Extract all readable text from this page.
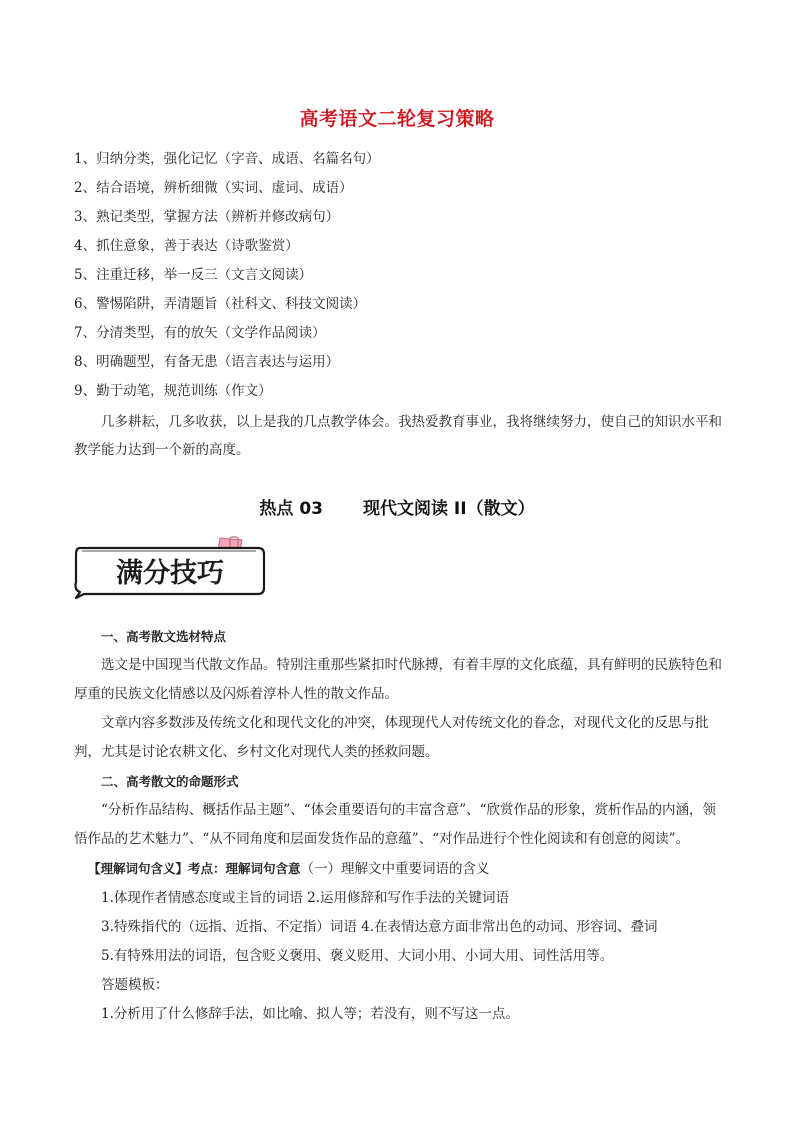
高考语文二轮复习策略
1、归纳分类，强化记忆（字音、成语、名篇名句）
2、结合语境，辨析细微（实词、虚词、成语）
3、熟记类型，掌握方法（辨析并修改病句）
4、抓住意象，善于表达（诗歌鉴赏）
5、注重迁移，举一反三（文言文阅读）
6、警惕陷阱，弄清题旨（社科文、科技文阅读）
7、分清类型，有的放矢（文学作品阅读）
8、明确题型，有备无患（语言表达与运用）
9、勤于动笔，规范训练（作文）
几多耕耘，几多收获，以上是我的几点教学体会。我热爱教育事业，我将继续努力，使自己的知识水平和教学能力达到一个新的高度。
热点 03 现代文阅读 II（散文）
满分技巧

一、高考散文选材特点

选文是中国现当代散文作品。特别注重那些紧扣时代脉搏，有着丰厚的文化底蕴，具有鲜明的民族特色和厚重的民族文化情感以及闪烁着淳朴人性的散文作品。

文章内容多数涉及传统文化和现代文化的冲突，体现现代人对传统文化的眷念，对现代文化的反思与批判，尤其是讨论农耕文化、乡村文化对现代人类的拯救问题。

二、高考散文的命题形式

“分析作品结构、概括作品主题”、“体会重要语句的丰富含意”、“欣赏作品的形象，赏析作品的内涵，领悟作品的艺术魅力”、“从不同角度和层面发货作品的意蕴”、“对作品进行个性化阅读和有创意的阅读”。

【理解词句含义】考点：理解词句含意（一）理解文中重要词语的含义

1.体现作者情感态度或主旨的词语 2.运用修辞和写作手法的关键词语

3.特殊指代的（远指、近指、不定指）词语 4.在表情达意方面非常出色的动词、形容词、叠词

5.有特殊用法的词语，包含贬义褒用、褒义贬用、大词小用、小词大用、词性活用等。

答题模板：

1.分析用了什么修辞手法，如比喻、拟人等；若没有，则不写这一点。
